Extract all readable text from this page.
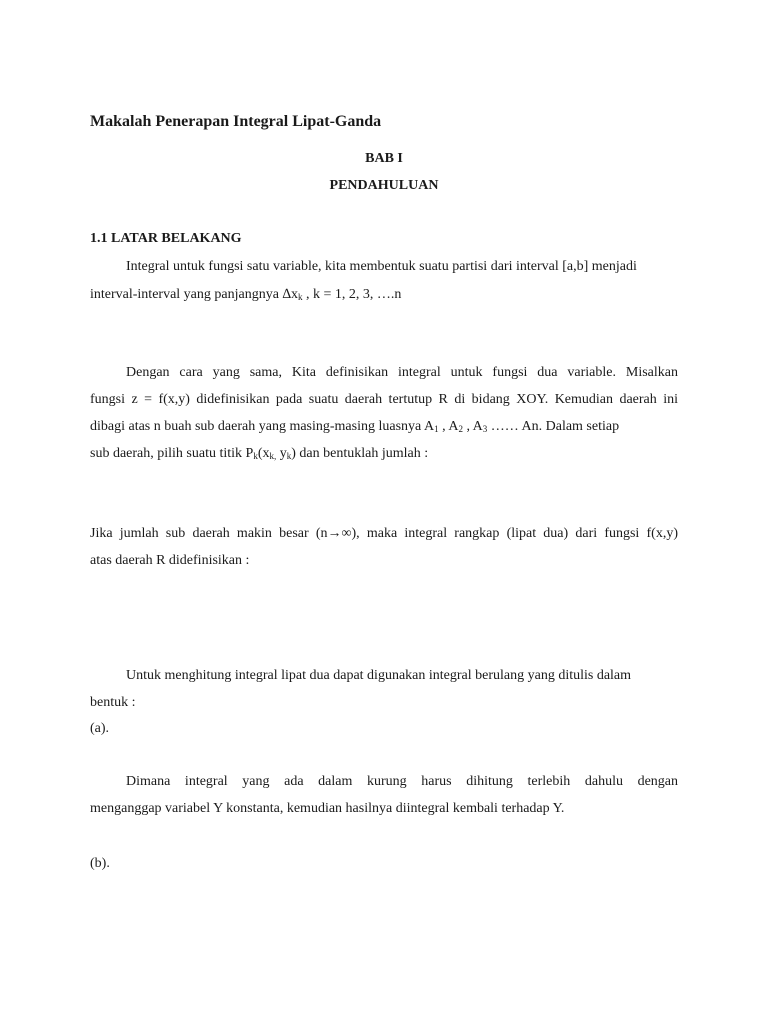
Makalah Penerapan Integral Lipat-Ganda
BAB I
PENDAHULUAN
1.1 LATAR BELAKANG
Integral untuk fungsi satu variable, kita membentuk suatu partisi dari interval [a,b] menjadi
interval-interval yang panjangnya $\Delta x_k$ , k = 1, 2, 3, ….n
Dengan cara yang sama, Kita definisikan integral untuk fungsi dua variable. Misalkan
fungsi z = f(x,y) didefinisikan pada suatu daerah tertutup R di bidang XOY. Kemudian daerah ini
dibagi atas n buah sub daerah yang masing-masing luasnya $A_1$ , $A_2$ , $A_3$ …… An. Dalam setiap
sub daerah, pilih suatu titik $P_k(x_{k,}$ $y_k$) dan bentuklah jumlah :
Jika jumlah sub daerah makin besar (n→∞), maka integral rangkap (lipat dua) dari fungsi f(x,y)
atas daerah R didefinisikan :
Untuk menghitung integral lipat dua dapat digunakan integral berulang yang ditulis dalam
bentuk :
(a).
Dimana integral yang ada dalam kurung harus dihitung terlebih dahulu dengan
menganggap variabel Y konstanta, kemudian hasilnya diintegral kembali terhadap Y.
(b).
